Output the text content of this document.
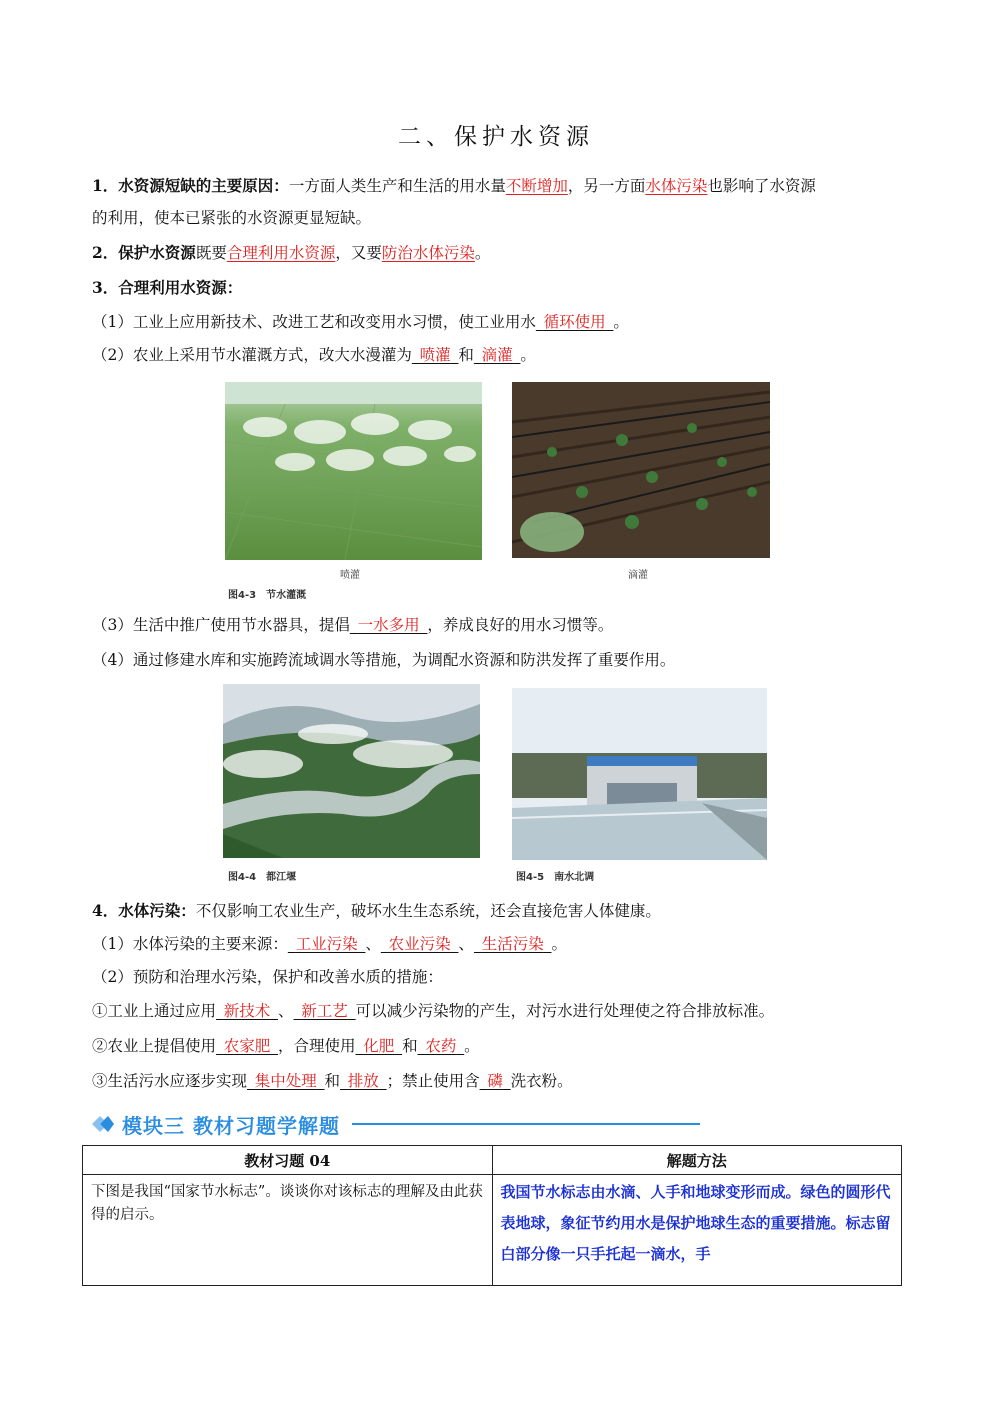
二、保护水资源
1．水资源短缺的主要原因：一方面人类生产和生活的用水量不断增加，另一方面水体污染也影响了水资源
的利用，使本已紧张的水资源更显短缺。
2．保护水资源既要合理利用水资源，又要防治水体污染。
3．合理利用水资源：
（1）工业上应用新技术、改进工艺和改变用水习惯，使工业用水_循环使用_。
（2）农业上采用节水灌溉方式，改大水漫灌为_喷灌_和_滴灌_。
喷灌	滴灌
图4-3　节水灌溉
（3）生活中推广使用节水器具，提倡_一水多用_，养成良好的用水习惯等。
（4）通过修建水库和实施跨流域调水等措施，为调配水资源和防洪发挥了重要作用。
图4-4　都江堰	图4-5　南水北调
4．水体污染：不仅影响工农业生产，破坏水生生态系统，还会直接危害人体健康。
（1）水体污染的主要来源：_工业污染_、_农业污染_、_生活污染_。
（2）预防和治理水污染，保护和改善水质的措施：
①工业上通过应用_新技术_、_新工艺_可以减少污染物的产生，对污水进行处理使之符合排放标准。
②农业上提倡使用_农家肥_，合理使用_化肥_和_农药_。
③生活污水应逐步实现_集中处理_和_排放_；禁止使用含_磷_洗衣粉。
模块三 教材习题学解题
教材习题 04	解题方法
下图是我国“国家节水标志”。谈谈你对该标志的理解及由此获得的启示。	我国节水标志由水滴、人手和地球变形而成。绿色的圆形代表地球，象征节约用水是保护地球生态的重要措施。标志留白部分像一只手托起一滴水，手
